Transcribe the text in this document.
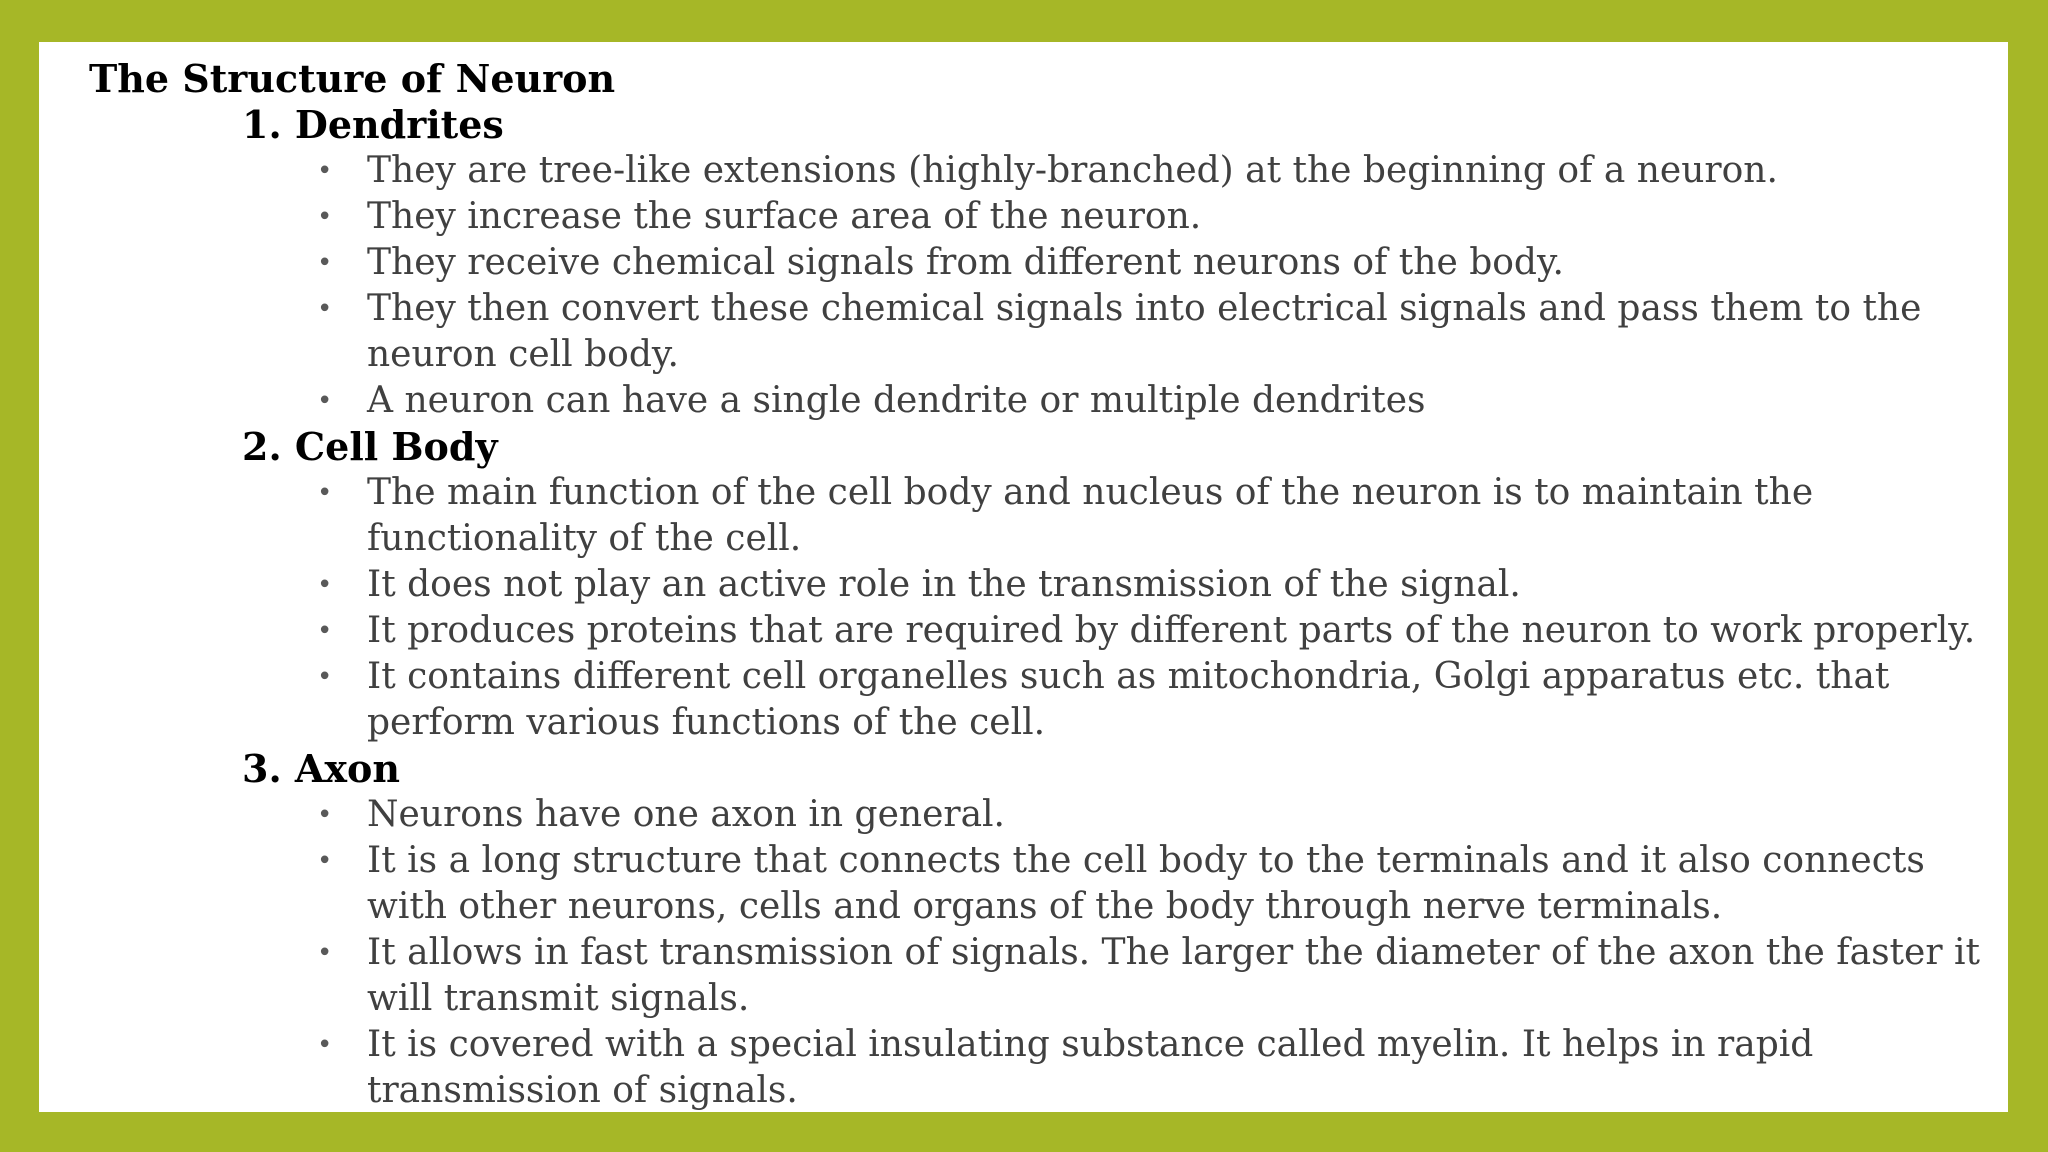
The Structure of Neuron
1. Dendrites
• They are tree-like extensions (highly-branched) at the beginning of a neuron.
• They increase the surface area of the neuron.
• They receive chemical signals from different neurons of the body.
• They then convert these chemical signals into electrical signals and pass them to the neuron cell body.
• A neuron can have a single dendrite or multiple dendrites
2. Cell Body
• The main function of the cell body and nucleus of the neuron is to maintain the functionality of the cell.
• It does not play an active role in the transmission of the signal.
• It produces proteins that are required by different parts of the neuron to work properly.
• It contains different cell organelles such as mitochondria, Golgi apparatus etc. that perform various functions of the cell.
3. Axon
• Neurons have one axon in general.
• It is a long structure that connects the cell body to the terminals and it also connects with other neurons, cells and organs of the body through nerve terminals.
• It allows in fast transmission of signals. The larger the diameter of the axon the faster it will transmit signals.
• It is covered with a special insulating substance called myelin. It helps in rapid transmission of signals.
